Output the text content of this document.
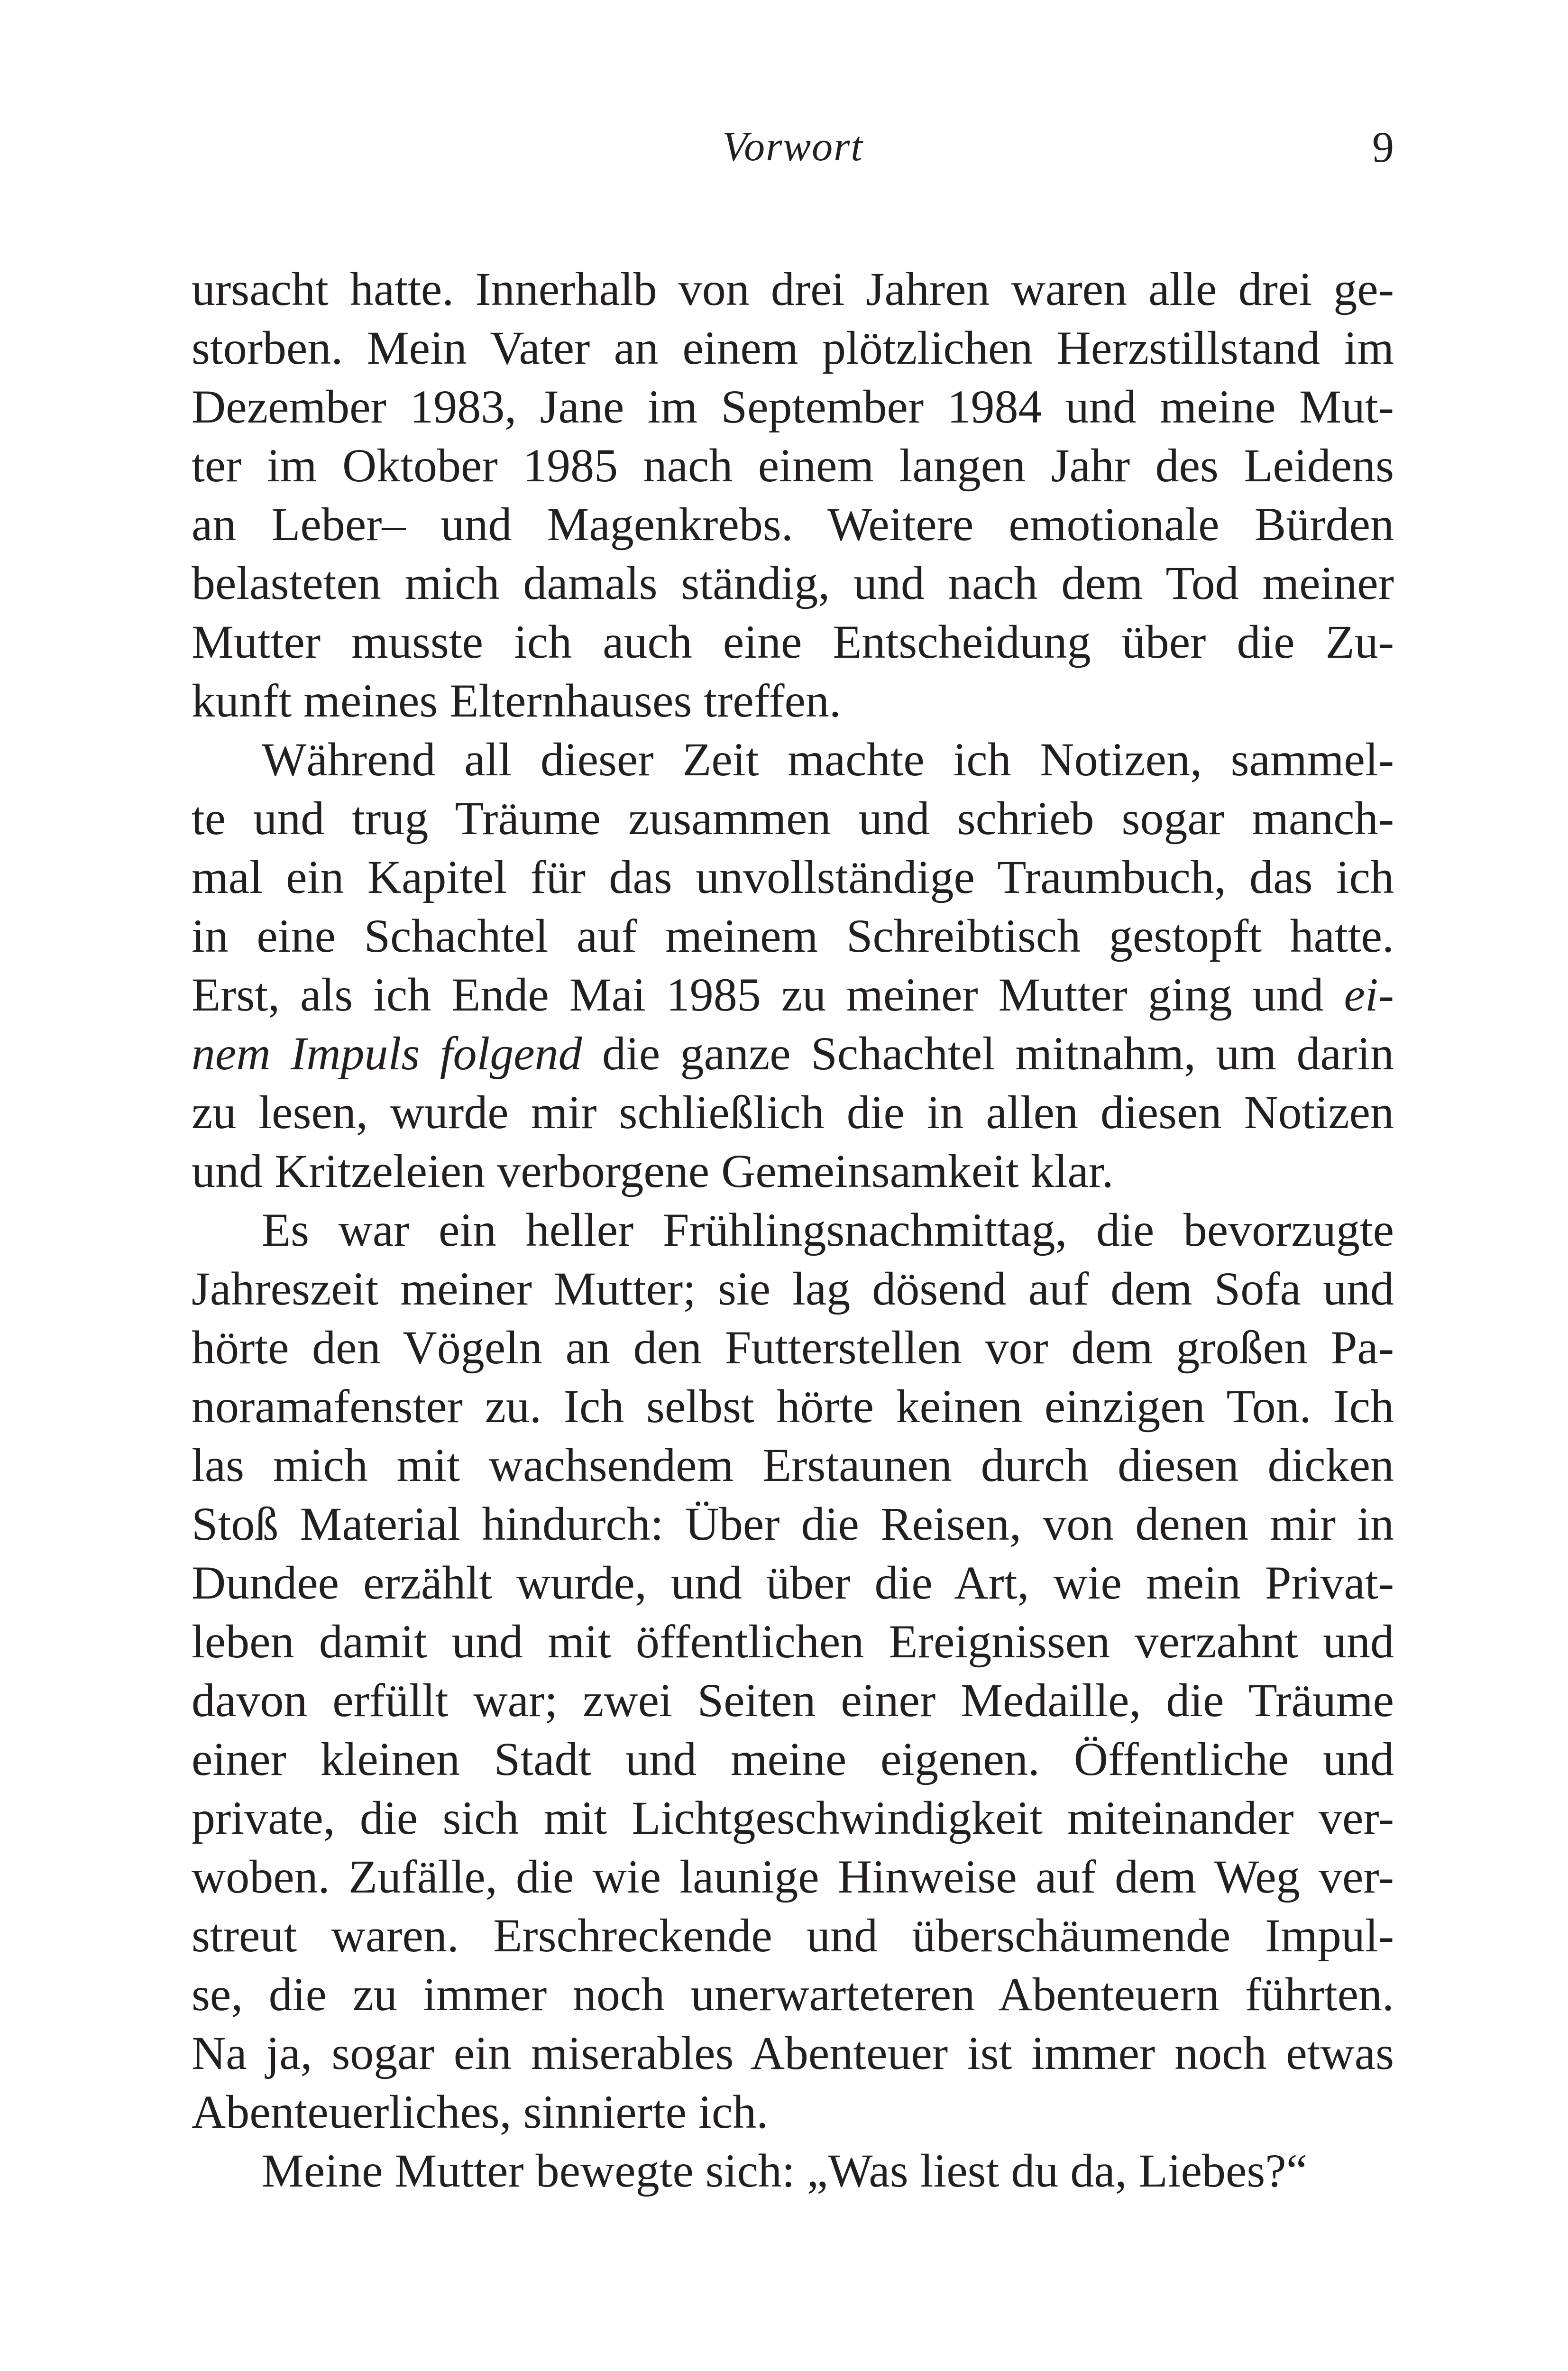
Vorwort	9
ursacht hatte. Innerhalb von drei Jahren waren alle drei ge-
storben. Mein Vater an einem plötzlichen Herzstillstand im
Dezember 1983, Jane im September 1984 und meine Mut-
ter im Oktober 1985 nach einem langen Jahr des Leidens
an Leber– und Magenkrebs. Weitere emotionale Bürden
belasteten mich damals ständig, und nach dem Tod meiner
Mutter musste ich auch eine Entscheidung über die Zu-
kunft meines Elternhauses treffen.
Während all dieser Zeit machte ich Notizen, sammel-
te und trug Träume zusammen und schrieb sogar manch-
mal ein Kapitel für das unvollständige Traumbuch, das ich
in eine Schachtel auf meinem Schreibtisch gestopft hatte.
Erst, als ich Ende Mai 1985 zu meiner Mutter ging und ei-
nem Impuls folgend die ganze Schachtel mitnahm, um darin
zu lesen, wurde mir schließlich die in allen diesen Notizen
und Kritzeleien verborgene Gemeinsamkeit klar.
Es war ein heller Frühlingsnachmittag, die bevorzugte
Jahreszeit meiner Mutter; sie lag dösend auf dem Sofa und
hörte den Vögeln an den Futterstellen vor dem großen Pa-
noramafenster zu. Ich selbst hörte keinen einzigen Ton. Ich
las mich mit wachsendem Erstaunen durch diesen dicken
Stoß Material hindurch: Über die Reisen, von denen mir in
Dundee erzählt wurde, und über die Art, wie mein Privat-
leben damit und mit öffentlichen Ereignissen verzahnt und
davon erfüllt war; zwei Seiten einer Medaille, die Träume
einer kleinen Stadt und meine eigenen. Öffentliche und
private, die sich mit Lichtgeschwindigkeit miteinander ver-
woben. Zufälle, die wie launige Hinweise auf dem Weg ver-
streut waren. Erschreckende und überschäumende Impul-
se, die zu immer noch unerwarteteren Abenteuern führten.
Na ja, sogar ein miserables Abenteuer ist immer noch etwas
Abenteuerliches, sinnierte ich.
Meine Mutter bewegte sich: „Was liest du da, Liebes?“
